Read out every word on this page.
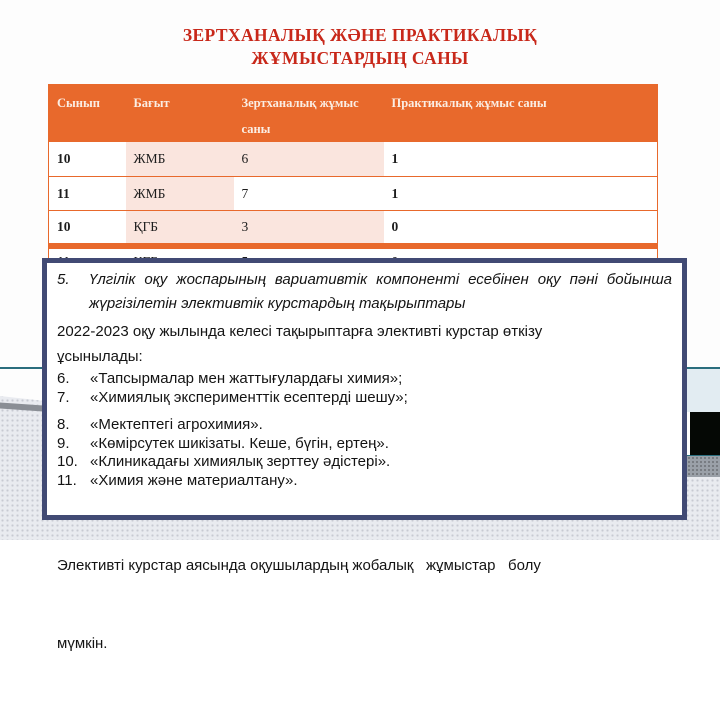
ЗЕРТХАНАЛЫҚ ЖӘНЕ ПРАКТИКАЛЫҚ
ЖҰМЫСТАРДЫҢ САНЫ
Сынып	Бағыт	Зертханалық жұмыс саны	Практикалық жұмыс саны
10	ЖМБ	6	1
11	ЖМБ	7	1
10	ҚГБ	3	0

5.	Үлгілік оқу жоспарының вариативтік компоненті есебінен оқу пәні бойынша жүргізілетін элективтік курстардың тақырыптары
2022-2023 оқу жылында келесі тақырыптарға элективті курстар өткізу
ұсынылады:
6.	«Тапсырмалар мен жаттығулардағы химия»;
7.	«Химиялық эксперименттік есептерді шешу»;
8.	«Мектептегі агрохимия».
9.	«Көмірсутек шикізаты. Кеше, бүгін, ертең».
10. «Клиникадағы химиялық зерттеу әдістері».
11. «Химия және материалтану».

Элективті курстар аясында оқушылардың жобалық   жұмыстар   болу

мүмкін.
